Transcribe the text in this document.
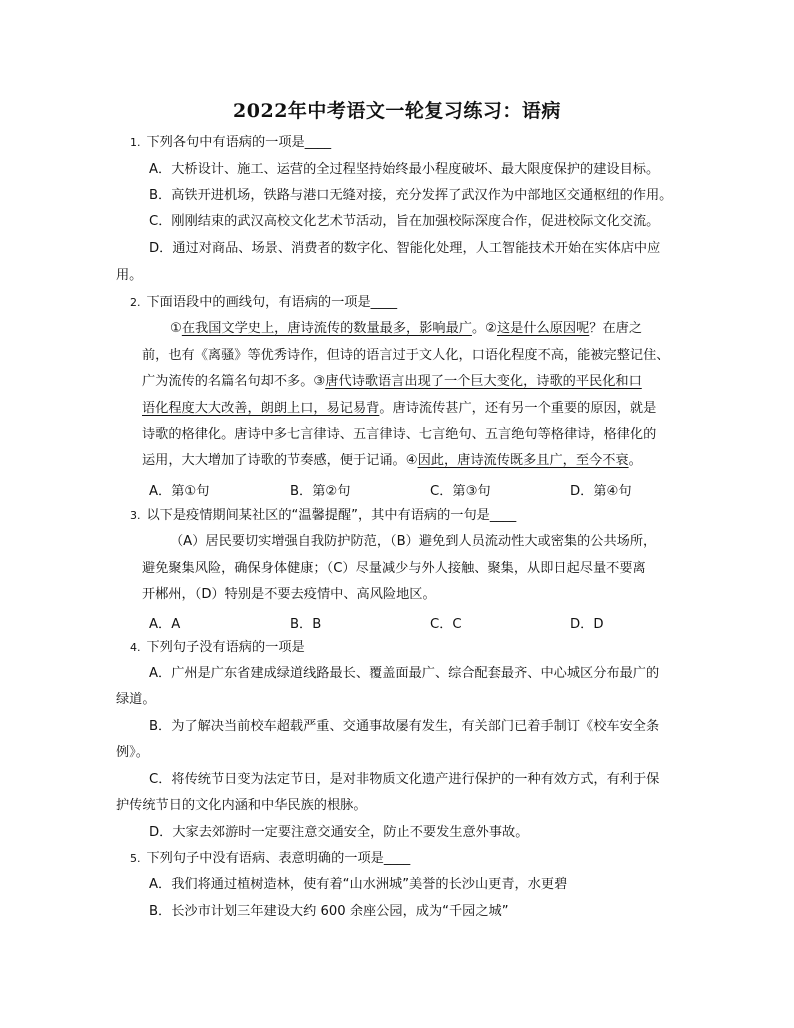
2022年中考语文一轮复习练习：语病
1. 下列各句中有语病的一项是____
A．大桥设计、施工、运营的全过程坚持始终最小程度破坏、最大限度保护的建设目标。
B．高铁开进机场，铁路与港口无缝对接，充分发挥了武汉作为中部地区交通枢纽的作用。
C．刚刚结束的武汉高校文化艺术节活动，旨在加强校际深度合作，促进校际文化交流。
D．通过对商品、场景、消费者的数字化、智能化处理，人工智能技术开始在实体店中应
用。
2. 下面语段中的画线句，有语病的一项是____
①在我国文学史上，唐诗流传的数量最多，影响最广。②这是什么原因呢？在唐之
前，也有《离骚》等优秀诗作，但诗的语言过于文人化，口语化程度不高，能被完整记住、
广为流传的名篇名句却不多。③唐代诗歌语言出现了一个巨大变化，诗歌的平民化和口
语化程度大大改善，朗朗上口，易记易背。唐诗流传甚广，还有另一个重要的原因，就是
诗歌的格律化。唐诗中多七言律诗、五言律诗、七言绝句、五言绝句等格律诗，格律化的
运用，大大增加了诗歌的节奏感，便于记诵。④因此，唐诗流传既多且广，至今不衰。
A．第①句	B．第②句	C．第③句	D．第④句
3. 以下是疫情期间某社区的“温馨提醒”，其中有语病的一句是____
（A）居民要切实增强自我防护防范，（B）避免到人员流动性大或密集的公共场所，
避免聚集风险，确保身体健康；（C）尽量减少与外人接触、聚集，从即日起尽量不要离
开郴州，（D）特别是不要去疫情中、高风险地区。
A．A	B．B	C．C	D．D
4. 下列句子没有语病的一项是
A．广州是广东省建成绿道线路最长、覆盖面最广、综合配套最齐、中心城区分布最广的
绿道。
B．为了解决当前校车超载严重、交通事故屡有发生，有关部门已着手制订《校车安全条
例》。
C．将传统节日变为法定节日，是对非物质文化遗产进行保护的一种有效方式，有利于保
护传统节日的文化内涵和中华民族的根脉。
D．大家去郊游时一定要注意交通安全，防止不要发生意外事故。
5. 下列句子中没有语病、表意明确的一项是____
A．我们将通过植树造林，使有着“山水洲城”美誉的长沙山更青，水更碧
B．长沙市计划三年建设大约 600 余座公园，成为“千园之城”
